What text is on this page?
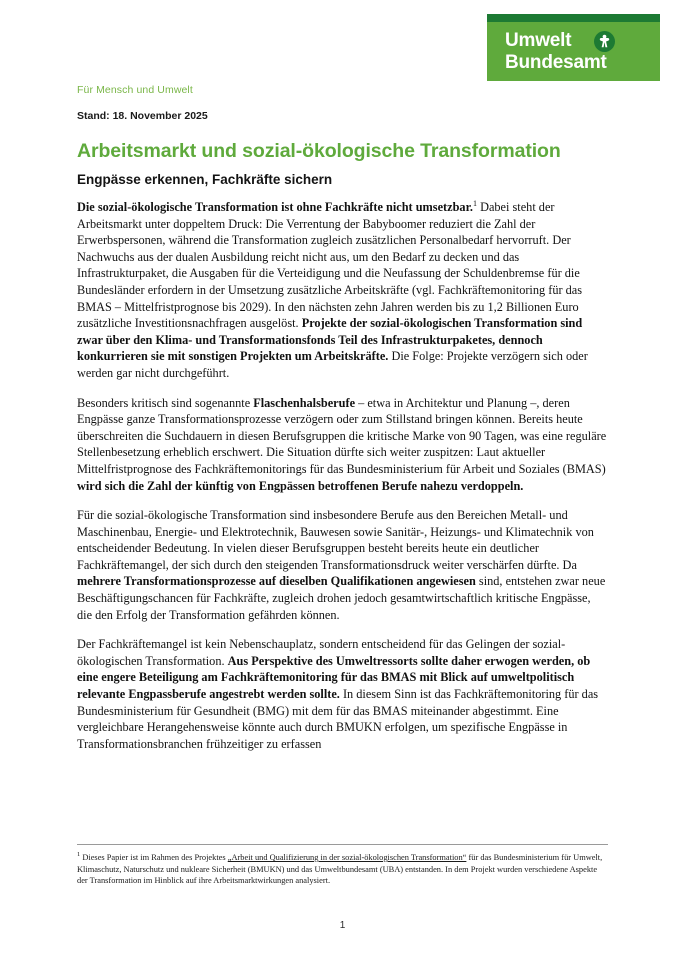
Umwelt
Bundesamt
Für Mensch und Umwelt
Stand: 18. November 2025
Arbeitsmarkt und sozial-ökologische Transformation
Engpässe erkennen, Fachkräfte sichern

Die sozial-ökologische Transformation ist ohne Fachkräfte nicht umsetzbar.$^1$ Dabei steht der Arbeitsmarkt unter doppeltem Druck: Die Verrentung der Babyboomer reduziert die Zahl der Erwerbspersonen, während die Transformation zugleich zusätzlichen Personalbedarf hervorruft. Der Nachwuchs aus der dualen Ausbildung reicht nicht aus, um den Bedarf zu decken und das Infrastrukturpaket, die Ausgaben für die Verteidigung und die Neufassung der Schuldenbremse für die Bundesländer erfordern in der Umsetzung zusätzliche Arbeitskräfte (vgl. Fachkräftemonitoring für das BMAS – Mittelfristprognose bis 2029). In den nächsten zehn Jahren werden bis zu 1,2 Billionen Euro zusätzliche Investitionsnachfragen ausgelöst. Projekte der sozial-ökologischen Transformation sind zwar über den Klima- und Transformationsfonds Teil des Infrastrukturpaketes, dennoch konkurrieren sie mit sonstigen Projekten um Arbeitskräfte. Die Folge: Projekte verzögern sich oder werden gar nicht durchgeführt.

Besonders kritisch sind sogenannte Flaschenhalsberufe – etwa in Architektur und Planung –, deren Engpässe ganze Transformationsprozesse verzögern oder zum Stillstand bringen können. Bereits heute überschreiten die Suchdauern in diesen Berufsgruppen die kritische Marke von 90 Tagen, was eine reguläre Stellenbesetzung erheblich erschwert. Die Situation dürfte sich weiter zuspitzen: Laut aktueller Mittelfristprognose des Fachkräftemonitorings für das Bundesministerium für Arbeit und Soziales (BMAS) wird sich die Zahl der künftig von Engpässen betroffenen Berufe nahezu verdoppeln.

Für die sozial-ökologische Transformation sind insbesondere Berufe aus den Bereichen Metall- und Maschinenbau, Energie- und Elektrotechnik, Bauwesen sowie Sanitär-, Heizungs- und Klimatechnik von entscheidender Bedeutung. In vielen dieser Berufsgruppen besteht bereits heute ein deutlicher Fachkräftemangel, der sich durch den steigenden Transformationsdruck weiter verschärfen dürfte. Da mehrere Transformationsprozesse auf dieselben Qualifikationen angewiesen sind, entstehen zwar neue Beschäftigungschancen für Fachkräfte, zugleich drohen jedoch gesamtwirtschaftlich kritische Engpässe, die den Erfolg der Transformation gefährden können.

Der Fachkräftemangel ist kein Nebenschauplatz, sondern entscheidend für das Gelingen der sozial-ökologischen Transformation. Aus Perspektive des Umweltressorts sollte daher erwogen werden, ob eine engere Beteiligung am Fachkräftemonitoring für das BMAS mit Blick auf umweltpolitisch relevante Engpassberufe angestrebt werden sollte. In diesem Sinn ist das Fachkräftemonitoring für das Bundesministerium für Gesundheit (BMG) mit dem für das BMAS miteinander abgestimmt. Eine vergleichbare Herangehensweise könnte auch durch BMUKN erfolgen, um spezifische Engpässe in Transformationsbranchen frühzeitiger zu erfassen

$^1$ Dieses Papier ist im Rahmen des Projektes „Arbeit und Qualifizierung in der sozial-ökologischen Transformation“ für das Bundesministerium für Umwelt, Klimaschutz, Naturschutz und nukleare Sicherheit (BMUKN) und das Umweltbundesamt (UBA) entstanden. In dem Projekt wurden verschiedene Aspekte der Transformation im Hinblick auf ihre Arbeitsmarktwirkungen analysiert.
1
